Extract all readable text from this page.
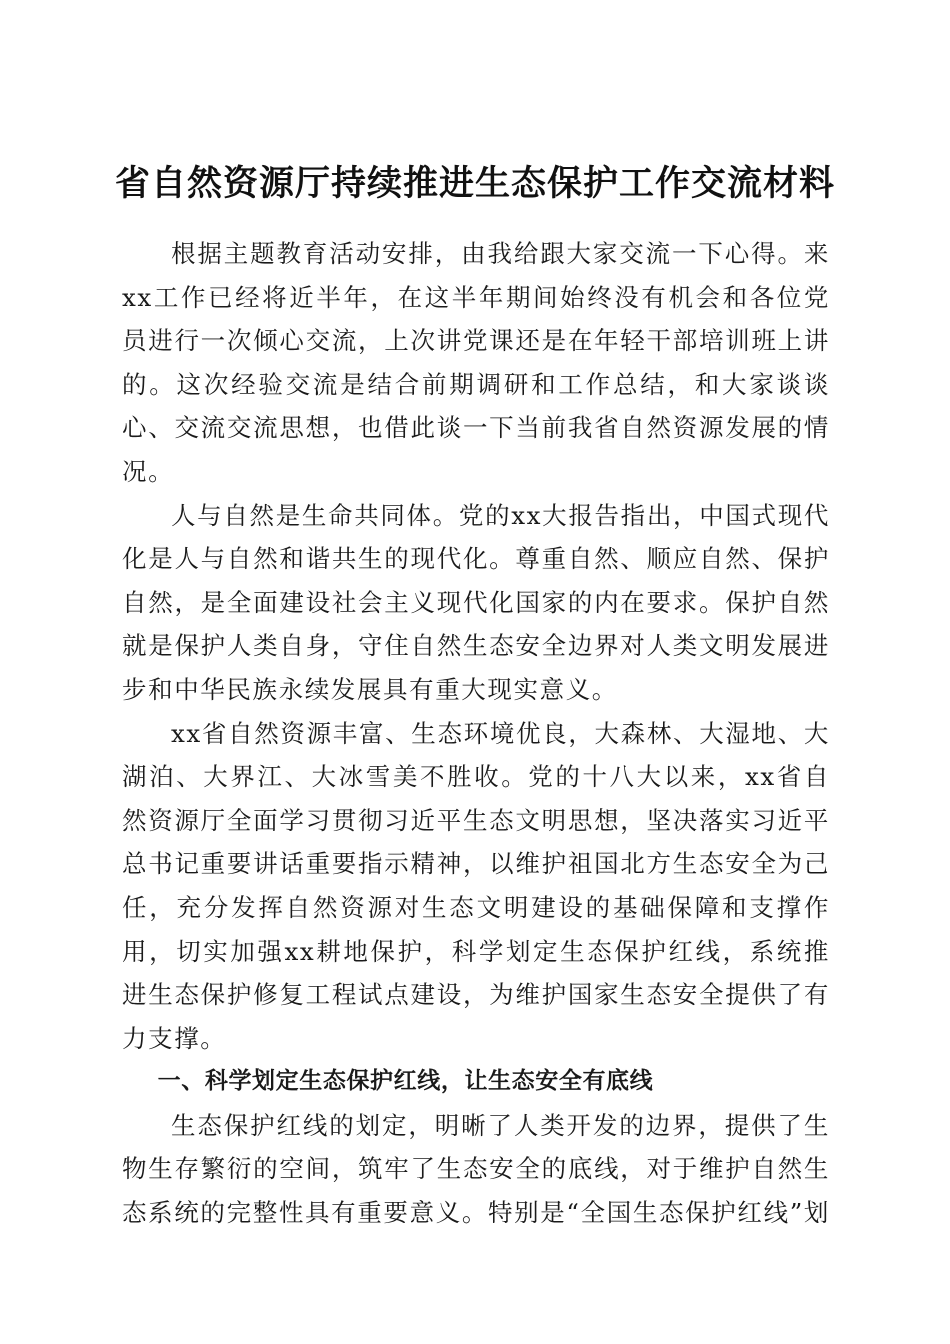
省自然资源厅持续推进生态保护工作交流材料

根据主题教育活动安排，由我给跟大家交流一下心得。来xx工作已经将近半年，在这半年期间始终没有机会和各位党员进行一次倾心交流，上次讲党课还是在年轻干部培训班上讲的。这次经验交流是结合前期调研和工作总结，和大家谈谈心、交流交流思想，也借此谈一下当前我省自然资源发展的情况。

人与自然是生命共同体。党的xx大报告指出，中国式现代化是人与自然和谐共生的现代化。尊重自然、顺应自然、保护自然，是全面建设社会主义现代化国家的内在要求。保护自然就是保护人类自身，守住自然生态安全边界对人类文明发展进步和中华民族永续发展具有重大现实意义。

xx省自然资源丰富、生态环境优良，大森林、大湿地、大湖泊、大界江、大冰雪美不胜收。党的十八大以来，xx省自然资源厅全面学习贯彻习近平生态文明思想，坚决落实习近平总书记重要讲话重要指示精神，以维护祖国北方生态安全为己任，充分发挥自然资源对生态文明建设的基础保障和支撑作用，切实加强xx耕地保护，科学划定生态保护红线，系统推进生态保护修复工程试点建设，为维护国家生态安全提供了有力支撑。

一、科学划定生态保护红线，让生态安全有底线

生态保护红线的划定，明晰了人类开发的边界，提供了生物生存繁衍的空间，筑牢了生态安全的底线，对于维护自然生态系统的完整性具有重要意义。特别是“全国生态保护红线”划
